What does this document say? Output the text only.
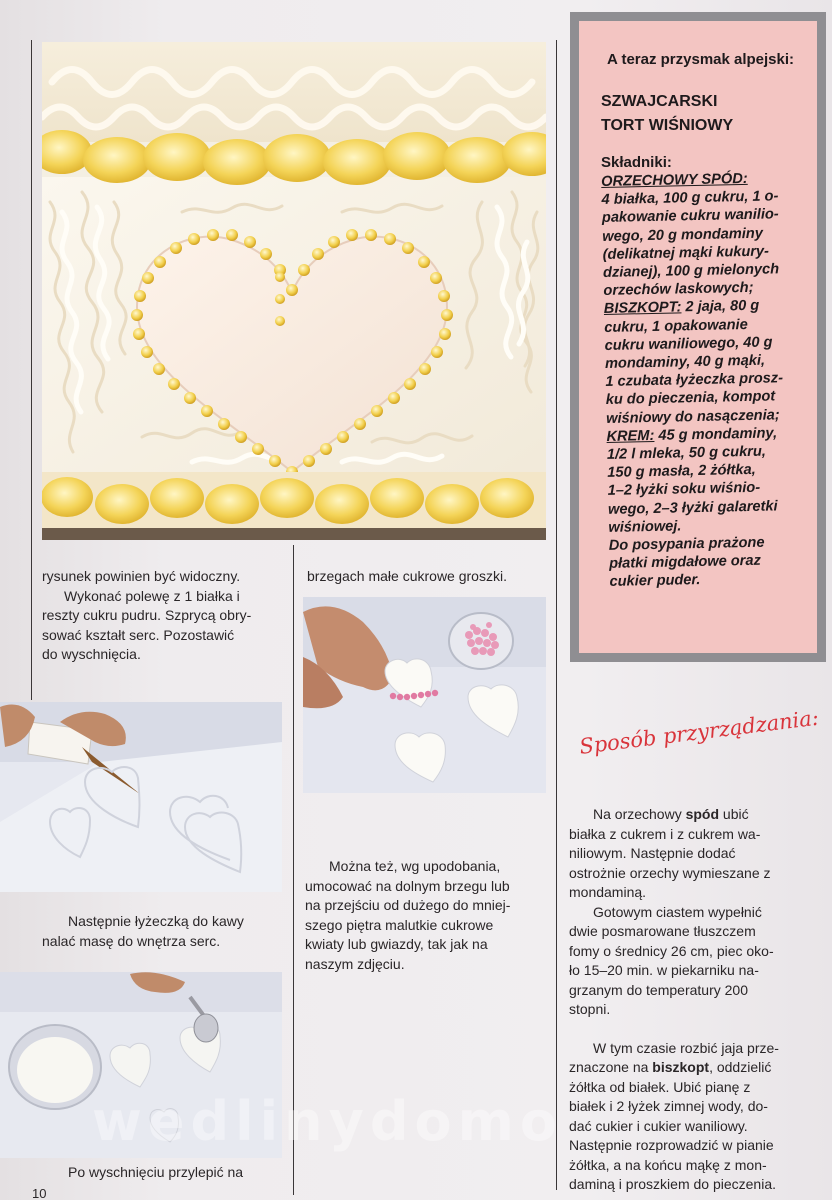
A teraz przysmak alpejski:
SZWAJCARSKI
TORT WIŚNIOWY
Składniki:
ORZECHOWY SPÓD:
4 białka, 100 g cukru, 1 o-
pakowanie cukru wanilio-
wego, 20 g mondaminy
(delikatnej mąki kukury-
dzianej), 100 g mielonych
orzechów laskowych;
BISZKOPT: 2 jaja, 80 g
cukru, 1 opakowanie
cukru waniliowego, 40 g
mondaminy, 40 g mąki,
1 czubata łyżeczka prosz-
ku do pieczenia, kompot
wiśniowy do nasączenia;
KREM: 45 g mondaminy,
1/2 l mleka, 50 g cukru,
150 g masła, 2 żółtka,
1–2 łyżki soku wiśnio-
wego, 2–3 łyżki galaretki
wiśniowej.
Do posypania prażone
płatki migdałowe oraz
cukier puder.
Sposób przyrządzania:

rysunek powinien być widoczny.

Wykonać polewę z 1 białka i

reszty cukru pudru. Szprycą obry-

sować kształt serc. Pozostawić

do wyschnięcia.

Następnie łyżeczką do kawy

nalać masę do wnętrza serc.

Po wyschnięciu przylepić na

brzegach małe cukrowe groszki.

Można też, wg upodobania,

umocować na dolnym brzegu lub

na przejściu od dużego do mniej-

szego piętra malutkie cukrowe

kwiaty lub gwiazdy, tak jak na

naszym zdjęciu.

Na orzechowy spód ubić

białka z cukrem i z cukrem wa-

niliowym. Następnie dodać

ostrożnie orzechy wymieszane z

mondaminą.

Gotowym ciastem wypełnić

dwie posmarowane tłuszczem

fomy o średnicy 26 cm, piec oko-

ło 15–20 min. w piekarniku na-

grzanym do temperatury 200

stopni.

W tym czasie rozbić jaja prze-

znaczone na biszkopt, oddzielić

żółtka od białek. Ubić pianę z

białek i 2 łyżek zimnej wody, do-

dać cukier i cukier waniliowy.

Następnie rozprowadzić w pianie

żółtka, a na końcu mąkę z mon-

daminą i proszkiem do pieczenia.

wedlinydomo
10
